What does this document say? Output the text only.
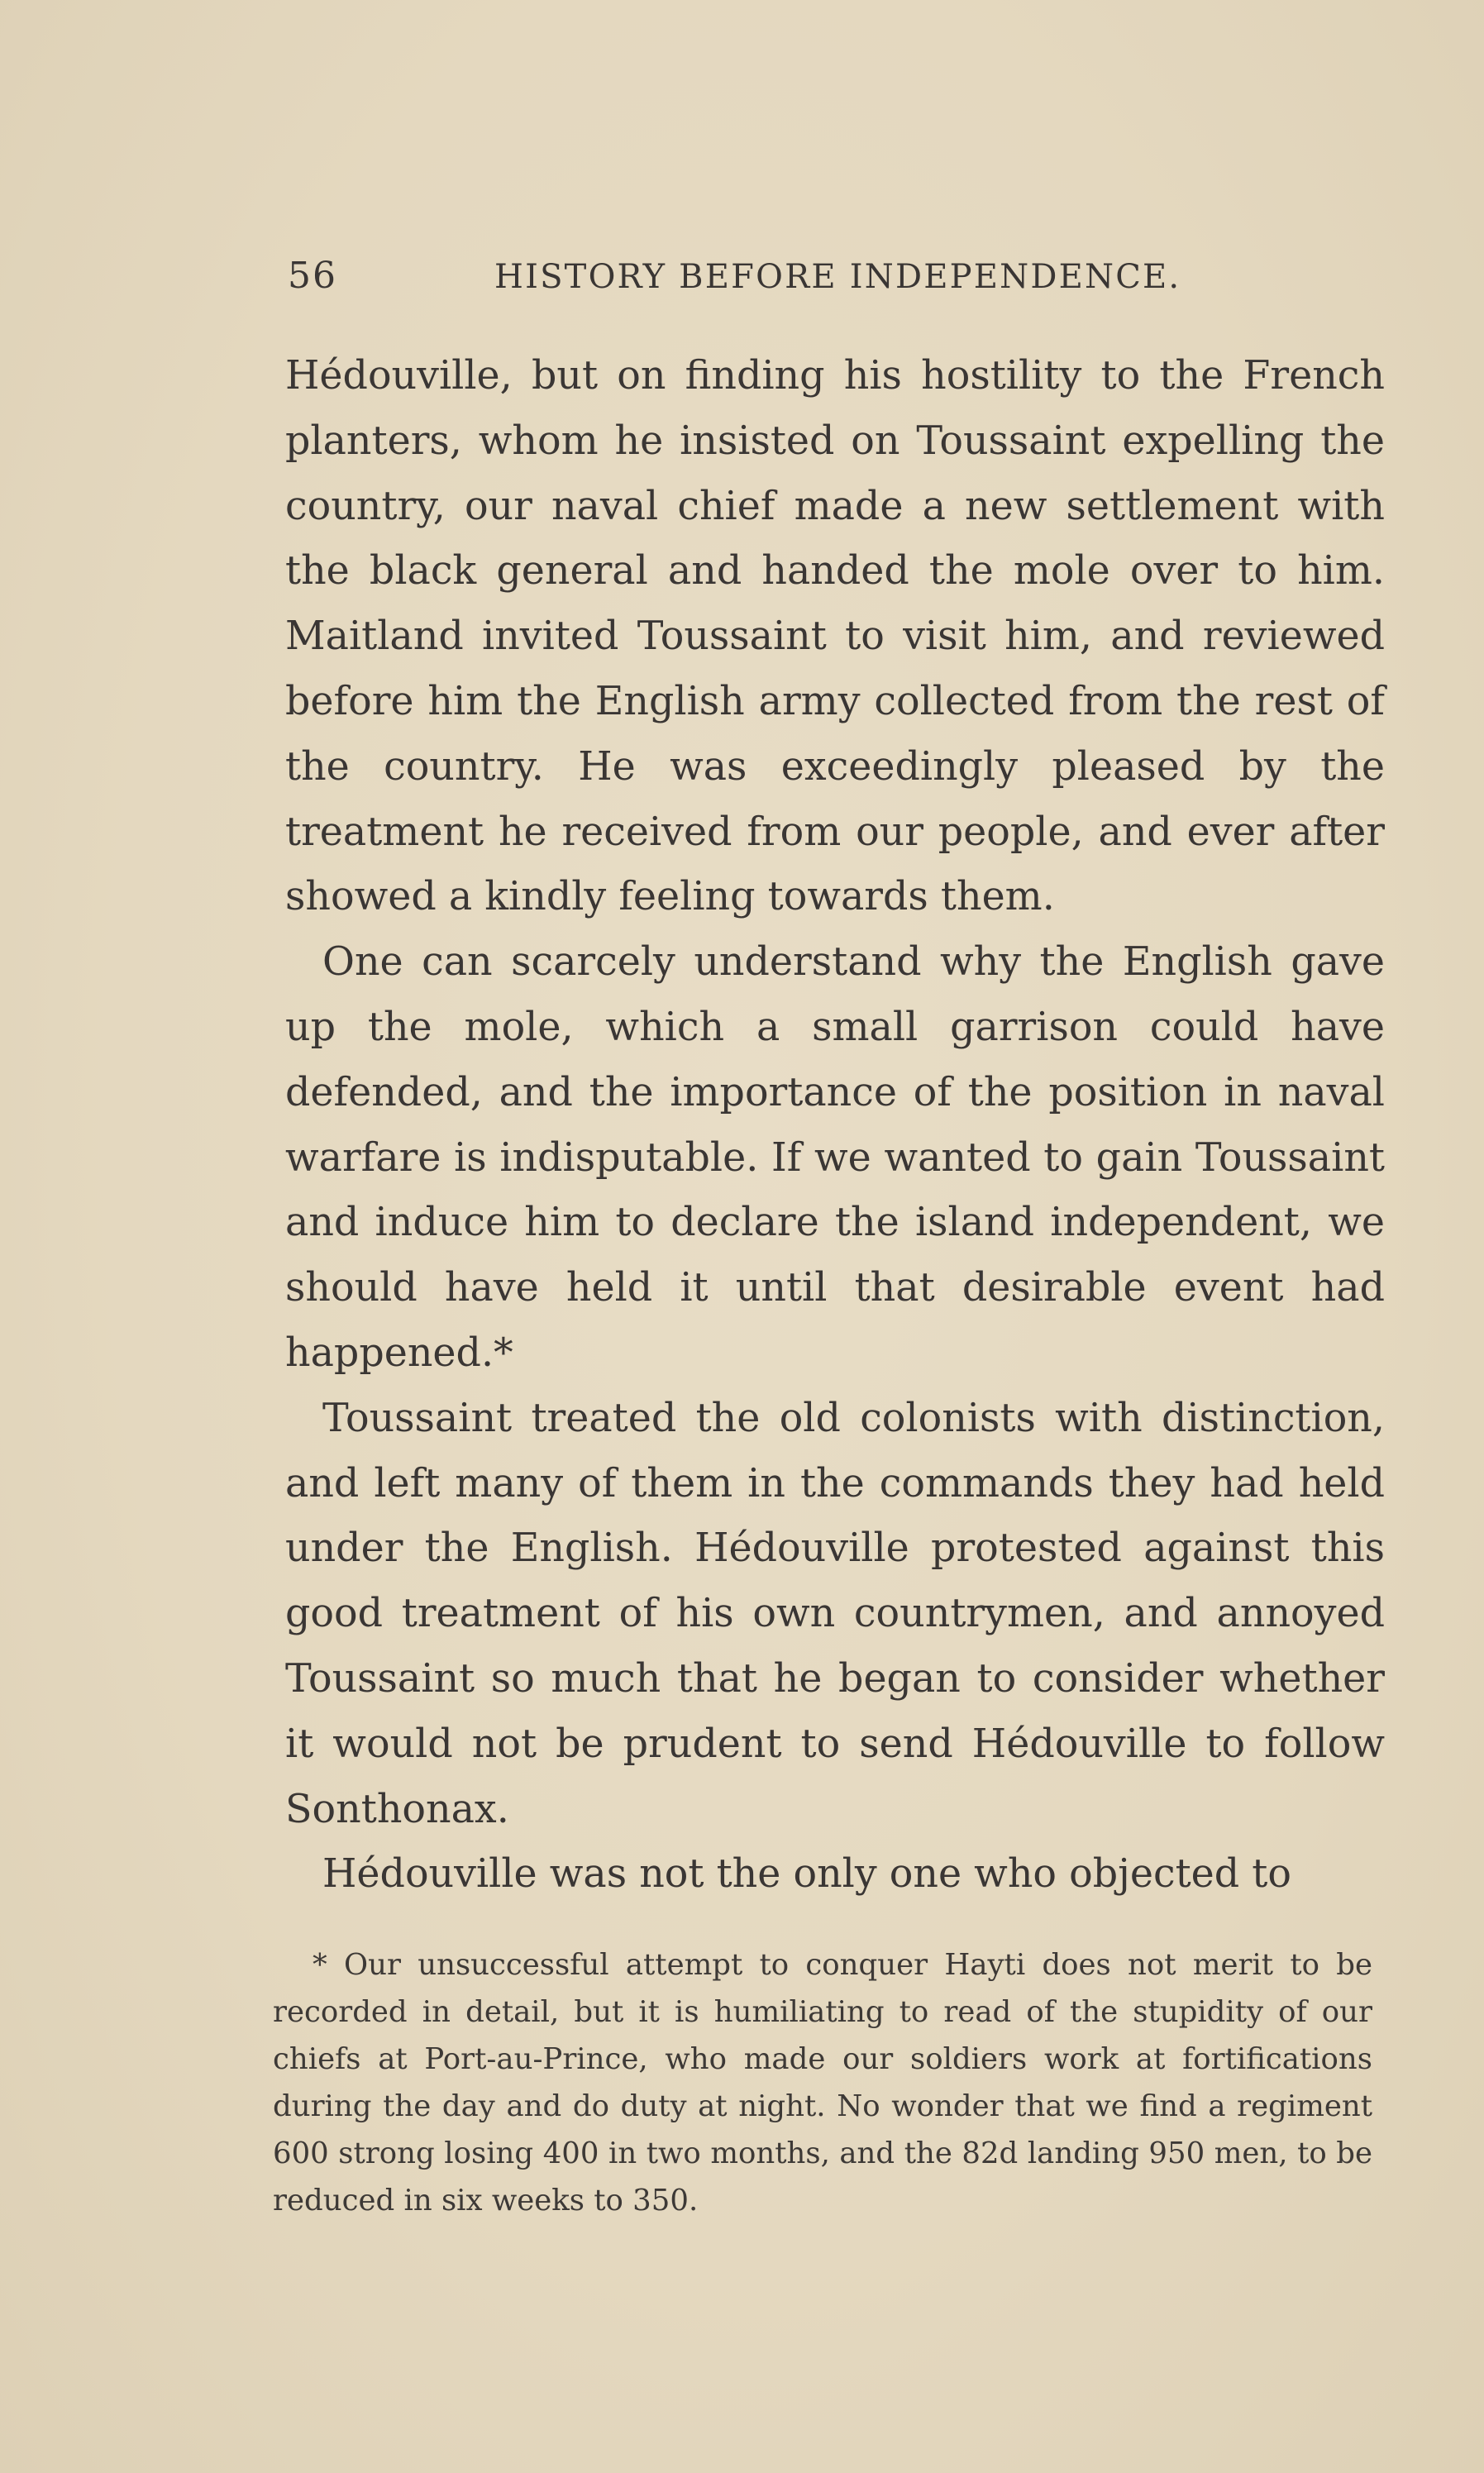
56	HISTORY BEFORE INDEPENDENCE.

Hédouville, but on finding his hostility to the French planters, whom he insisted on Toussaint expelling the country, our naval chief made a new settlement with the black general and handed the mole over to him. Maitland invited Toussaint to visit him, and reviewed before him the English army collected from the rest of the country. He was exceedingly pleased by the treatment he received from our people, and ever after showed a kindly feeling towards them.

One can scarcely understand why the English gave up the mole, which a small garrison could have defended, and the importance of the position in naval warfare is indisputable. If we wanted to gain Toussaint and induce him to declare the island independent, we should have held it until that desirable event had happened.*

Toussaint treated the old colonists with distinction, and left many of them in the commands they had held under the English. Hédouville protested against this good treatment of his own countrymen, and annoyed Toussaint so much that he began to consider whether it would not be prudent to send Hédouville to follow Sonthonax.

Hédouville was not the only one who objected to

* Our unsuccessful attempt to conquer Hayti does not merit to be recorded in detail, but it is humiliating to read of the stupidity of our chiefs at Port-au-Prince, who made our soldiers work at fortifications during the day and do duty at night. No wonder that we find a regiment 600 strong losing 400 in two months, and the 82d landing 950 men, to be reduced in six weeks to 350.
